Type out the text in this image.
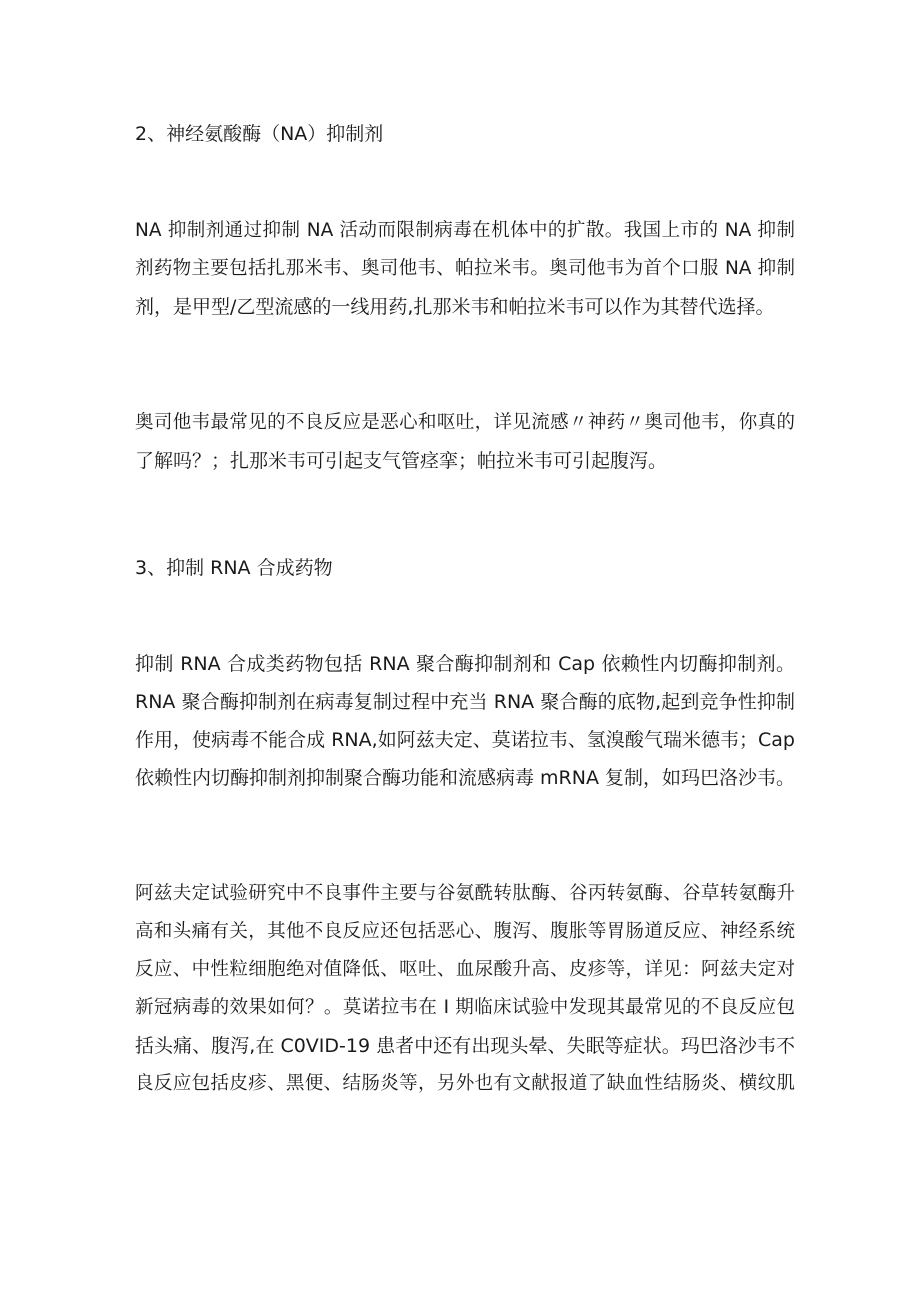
2、神经氨酸酶（NA）抑制剂
NA 抑制剂通过抑制 NA 活动而限制病毒在机体中的扩散。我国上市的 NA 抑制
剂药物主要包括扎那米韦、奥司他韦、帕拉米韦。奥司他韦为首个口服 NA 抑制
剂，是甲型/乙型流感的一线用药,扎那米韦和帕拉米韦可以作为其替代选择。
奥司他韦最常见的不良反应是恶心和呕吐，详见流感〃神药〃奥司他韦，你真的
了解吗？；扎那米韦可引起支气管痉挛；帕拉米韦可引起腹泻。
3、抑制 RNA 合成药物
抑制 RNA 合成类药物包括 RNA 聚合酶抑制剂和 Cap 依赖性内切酶抑制剂。
RNA 聚合酶抑制剂在病毒复制过程中充当 RNA 聚合酶的底物,起到竞争性抑制
作用，使病毒不能合成 RNA,如阿兹夫定、莫诺拉韦、氢溴酸气瑞米德韦；Cap
依赖性内切酶抑制剂抑制聚合酶功能和流感病毒 mRNA 复制，如玛巴洛沙韦。
阿兹夫定试验研究中不良事件主要与谷氨酰转肽酶、谷丙转氨酶、谷草转氨酶升
高和头痛有关，其他不良反应还包括恶心、腹泻、腹胀等胃肠道反应、神经系统
反应、中性粒细胞绝对值降低、呕吐、血尿酸升高、皮疹等，详见：阿兹夫定对
新冠病毒的效果如何？。莫诺拉韦在 I 期临床试验中发现其最常见的不良反应包
括头痛、腹泻,在 C0VID-19 患者中还有出现头晕、失眠等症状。玛巴洛沙韦不
良反应包括皮疹、黑便、结肠炎等，另外也有文献报道了缺血性结肠炎、横纹肌
